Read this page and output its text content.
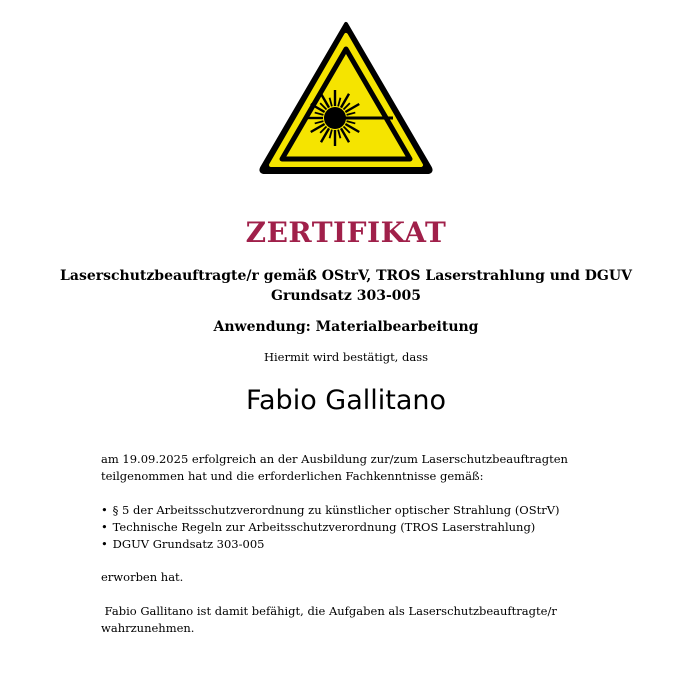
ZERTIFIKAT
Laserschutzbeauftragte/r gemäß OStrV, TROS Laserstrahlung und DGUV
Grundsatz 303-005
Anwendung: Materialbearbeitung
Hiermit wird bestätigt, dass
Fabio Gallitano
am 19.09.2025 erfolgreich an der Ausbildung zur/zum Laserschutzbeauftragten
teilgenommen hat und die erforderlichen Fachkenntnisse gemäß:
• § 5 der Arbeitsschutzverordnung zu künstlicher optischer Strahlung (OStrV)
• Technische Regeln zur Arbeitsschutzverordnung (TROS Laserstrahlung)
• DGUV Grundsatz 303-005
erworben hat.
Fabio Gallitano ist damit befähigt, die Aufgaben als Laserschutzbeauftragte/r
wahrzunehmen.
